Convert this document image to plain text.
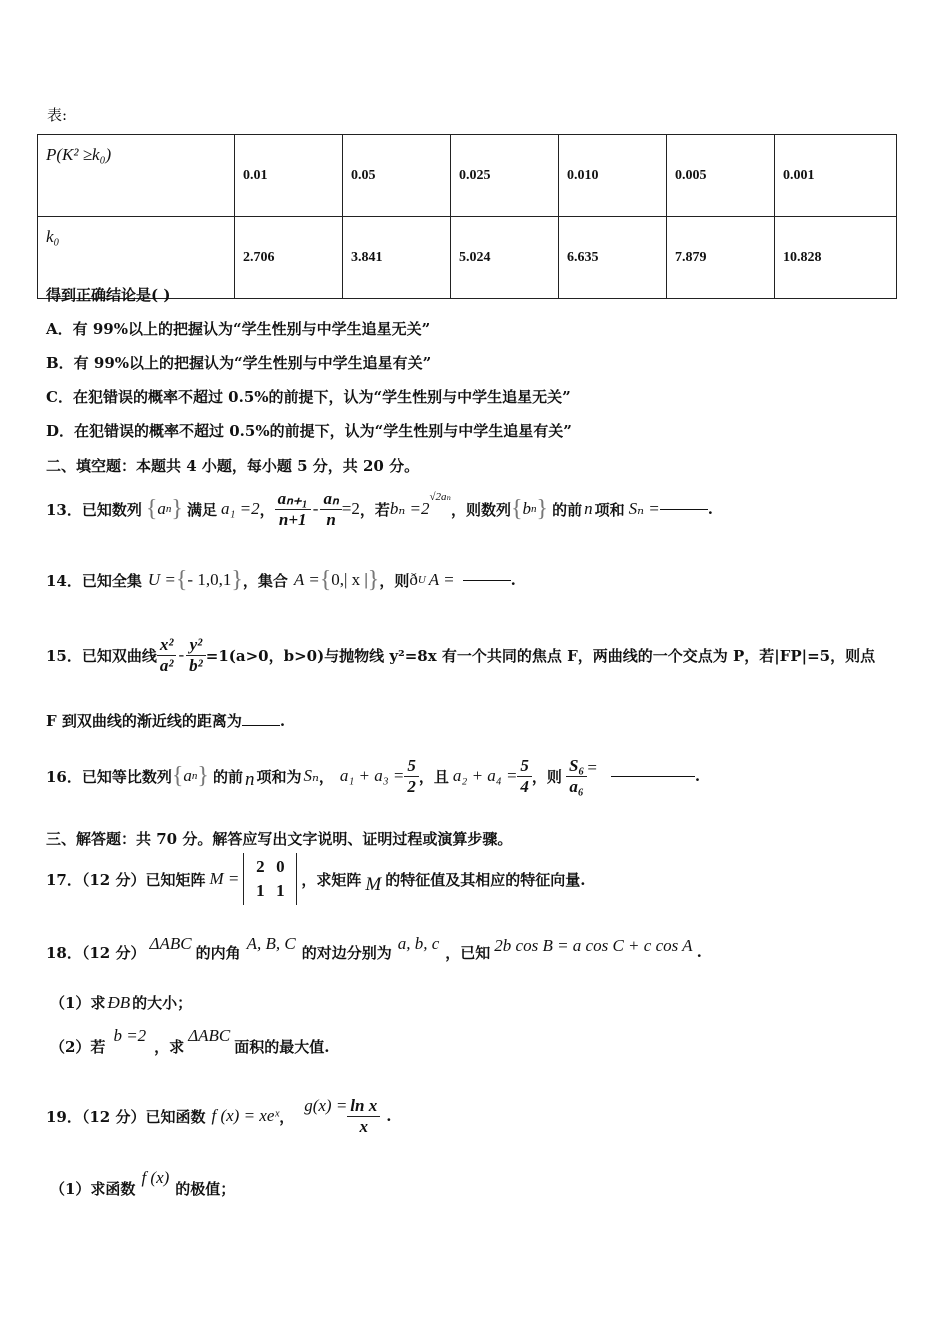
表:
P(K² ≥k₀)	0.01	0.05	0.025	0.010	0.005	0.001
k₀	2.706	3.841	5.024	6.635	7.879	10.828
得到正确结论是( )
A．有 99%以上的把握认为“学生性别与中学生追星无关”
B．有 99%以上的把握认为“学生性别与中学生追星有关”
C．在犯错误的概率不超过 0.5%的前提下，认为“学生性别与中学生追星无关”
D．在犯错误的概率不超过 0.5%的前提下，认为“学生性别与中学生追星有关”
二、填空题：本题共 4 小题，每小题 5 分，共 20 分。
13．已知数列 { a n } 满足 a₁ =2 ， $\frac{\text{aₙ₊₁}}{n+1} - \frac{\text{aₙ}}{n} =2$ ，若 bₙ =2
$^{√2a_n}$
，则数列 { b n } 的前 n 项和 Sₙ =	.
14．已知全集 U = { - 1,0,1 } ，集合 A = { 0,| x | } ，则 ð U A =	.
15．已知双曲线 $\frac{\text{x²}}{\text{a²}} - \frac{\text{y²}}{\text{b²}} =1(a>0$，b>0)与抛物线 y²=8x 有一个共同的焦点 F，两曲线的一个交点为 P，若|FP|=5，则点
F 到双曲线的渐近线的距离为	.
16．已知等比数列 { a n } 的前 n 项和为 Sₙ ， $a_1 + a_3 = \frac{5}{2}$ ，且 $a_2 + a_4 = \frac{5}{4}$ ，则 $\frac{\text{S₆}}{\text{a₆}}$ =	.
三、解答题：共 70 分。解答应写出文字说明、证明过程或演算步骤。
17．（12 分）已知矩阵 M =
2 0
1 1
，求矩阵 M 的特征值及其相应的特征向量.
18．（12 分） ΔABC 的内角 A, B, C 的对边分别为 a, b, c ，已知 2b cos B = a cos C + c cos A .
（1）求 ÐB 的大小；
（2）若
b =2
，求
ΔABC
面积的最大值.
19．（12 分）已知函数 f (x) = xeˣ ，
$g(x) = \frac{\text{ln x}}{x}$ .
（1）求函数
f (x)
的极值；
